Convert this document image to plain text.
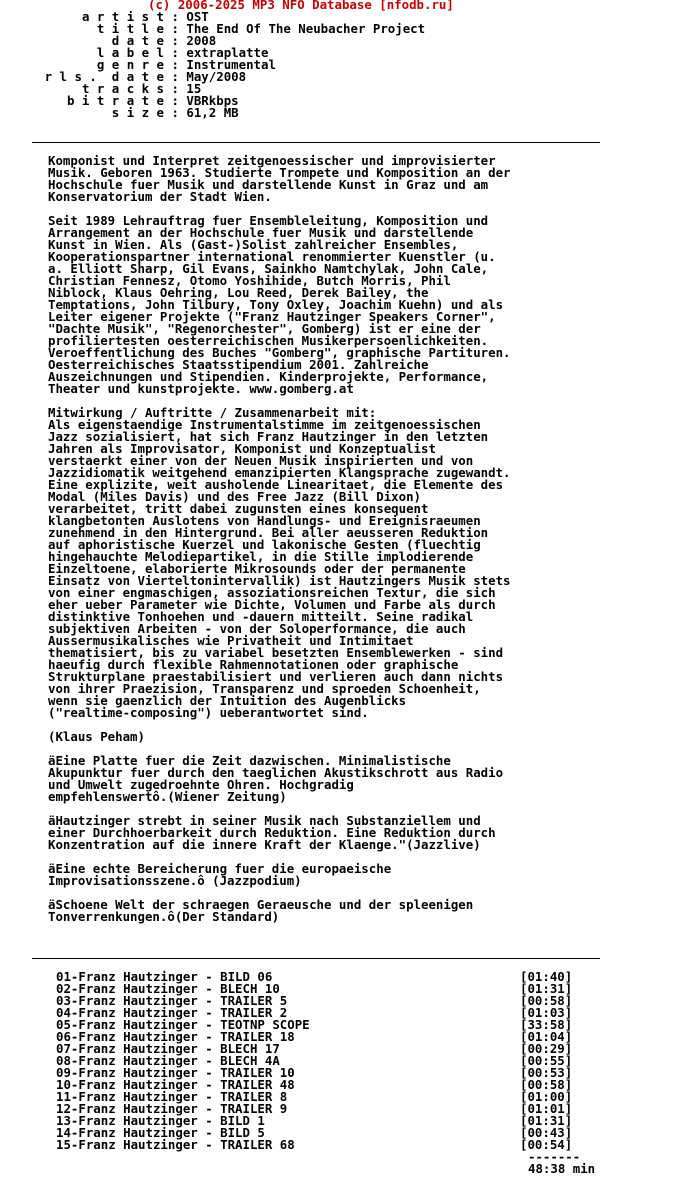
(c) 2006-2025 MP3 NFO Database [nfodb.ru]
a r t i s t : OST
t i t l e : The End Of The Neubacher Project
d a t e : 2008
l a b e l : extraplatte
g e n r e : Instrumental
r l s .  d a t e : May/2008
t r a c k s : 15
b i t r a t e : VBRkbps
s i z e : 61,2 MB
Komponist und Interpret zeitgenoessischer und improvisierter
Musik. Geboren 1963. Studierte Trompete und Komposition an der
Hochschule fuer Musik und darstellende Kunst in Graz und am
Konservatorium der Stadt Wien.
Seit 1989 Lehrauftrag fuer Ensembleleitung, Komposition und
Arrangement an der Hochschule fuer Musik und darstellende
Kunst in Wien. Als (Gast-)Solist zahlreicher Ensembles,
Kooperationspartner international renommierter Kuenstler (u.
a. Elliott Sharp, Gil Evans, Sainkho Namtchylak, John Cale,
Christian Fennesz, Otomo Yoshihide, Butch Morris, Phil
Niblock, Klaus Oehring, Lou Reed, Derek Bailey, the
Temptations, John Tilbury, Tony Oxley, Joachim Kuehn) und als
Leiter eigener Projekte ("Franz Hautzinger Speakers Corner",
"Dachte Musik", "Regenorchester", Gomberg) ist er eine der
profiliertesten oesterreichischen Musikerpersoenlichkeiten.
Veroeffentlichung des Buches "Gomberg", graphische Partituren.
Oesterreichisches Staatsstipendium 2001. Zahlreiche
Auszeichnungen und Stipendien. Kinderprojekte, Performance,
Theater und kunstprojekte. www.gomberg.at
Mitwirkung / Auftritte / Zusammenarbeit mit:
Als eigenstaendige Instrumentalstimme im zeitgenoessischen
Jazz sozialisiert, hat sich Franz Hautzinger in den letzten
Jahren als Improvisator, Komponist und Konzeptualist
verstaerkt einer von der Neuen Musik inspirierten und von
Jazzidiomatik weitgehend emanzipierten Klangsprache zugewandt.
Eine explizite, weit ausholende Linearitaet, die Elemente des
Modal (Miles Davis) und des Free Jazz (Bill Dixon)
verarbeitet, tritt dabei zugunsten eines konsequent
klangbetonten Auslotens von Handlungs- und Ereignisraeumen
zunehmend in den Hintergrund. Bei aller aeusseren Reduktion
auf aphoristische Kuerzel und lakonische Gesten (fluechtig
hingehauchte Melodiepartikel, in die Stille implodierende
Einzeltoene, elaborierte Mikrosounds oder der permanente
Einsatz von Vierteltonintervallik) ist Hautzingers Musik stets
von einer engmaschigen, assoziationsreichen Textur, die sich
eher ueber Parameter wie Dichte, Volumen und Farbe als durch
distinktive Tonhoehen und -dauern mitteilt. Seine radikal
subjektiven Arbeiten - von der Soloperformance, die auch
Aussermusikalisches wie Privatheit und Intimitaet
thematisiert, bis zu variabel besetzten Ensemblewerken - sind
haeufig durch flexible Rahmennotationen oder graphische
Strukturplane praestabilisiert und verlieren auch dann nichts
von ihrer Praezision, Transparenz und sproeden Schoenheit,
wenn sie gaenzlich der Intuition des Augenblicks
("realtime-composing") ueberantwortet sind.
(Klaus Peham)
äEine Platte fuer die Zeit dazwischen. Minimalistische
Akupunktur fuer durch den taeglichen Akustikschrott aus Radio
und Umwelt zugedroehnte Ohren. Hochgradig
empfehlenswertô.(Wiener Zeitung)
äHautzinger strebt in seiner Musik nach Substanziellem und
einer Durchhoerbarkeit durch Reduktion. Eine Reduktion durch
Konzentration auf die innere Kraft der Klaenge."(Jazzlive)
äEine echte Bereicherung fuer die europaeische
Improvisationsszene.ô (Jazzpodium)
äSchoene Welt der schraegen Geraeusche und der spleenigen
Tonverrenkungen.ô(Der Standard)
01-Franz Hautzinger - BILD 06	[01:40]
02-Franz Hautzinger - BLECH 10	[01:31]
03-Franz Hautzinger - TRAILER 5	[00:58]
04-Franz Hautzinger - TRAILER 2	[01:03]
05-Franz Hautzinger - TEOTNP SCOPE	[33:58]
06-Franz Hautzinger - TRAILER 18	[01:04]
07-Franz Hautzinger - BLECH 17	[00:29]
08-Franz Hautzinger - BLECH 4A	[00:55]
09-Franz Hautzinger - TRAILER 10	[00:53]
10-Franz Hautzinger - TRAILER 48	[00:58]
11-Franz Hautzinger - TRAILER 8	[01:00]
12-Franz Hautzinger - TRAILER 9	[01:01]
13-Franz Hautzinger - BILD 1	[01:31]
14-Franz Hautzinger - BILD 5	[00:43]
15-Franz Hautzinger - TRAILER 68	[00:54]
-------
48:38 min
